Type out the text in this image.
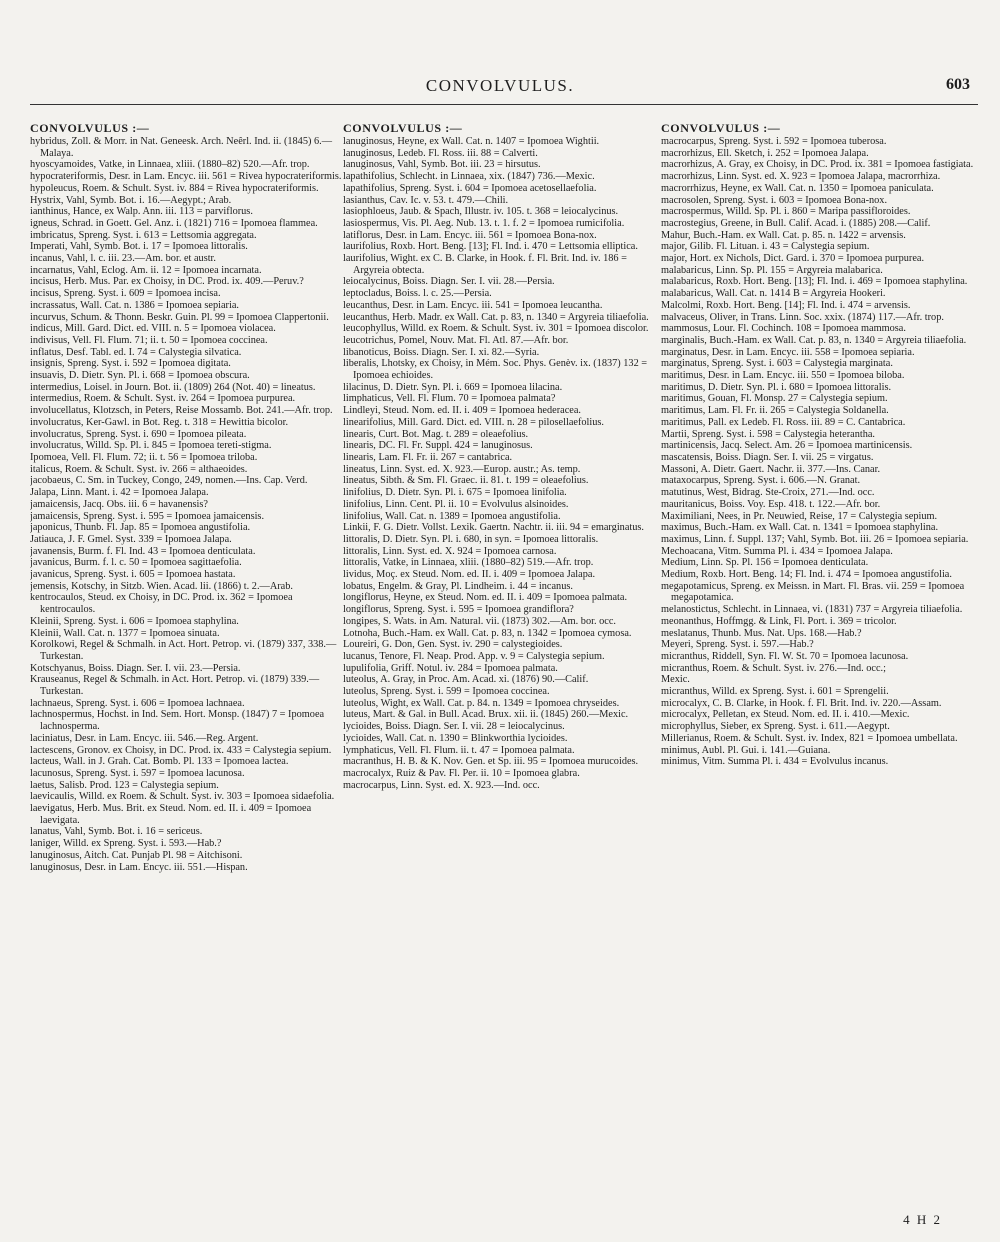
CONVOLVULUS.	603
CONVOLVULUS :—

hybridus, Zoll. & Morr. in Nat. Geneesk. Arch. Neêrl. Ind. ii. (1845) 6.—Malaya.

hyoscyamoides, Vatke, in Linnaea, xliii. (1880–82) 520.—Afr. trop.

hypocrateriformis, Desr. in Lam. Encyc. iii. 561 = Rivea hypocrateriformis.

hypoleucus, Roem. & Schult. Syst. iv. 884 = Rivea hypocrateriformis.

Hystrix, Vahl, Symb. Bot. i. 16.—Aegypt.; Arab.

ianthinus, Hance, ex Walp. Ann. iii. 113 = parviflorus.

igneus, Schrad. in Goett. Gel. Anz. i. (1821) 716 = Ipomoea flammea.

imbricatus, Spreng. Syst. i. 613 = Lettsomia aggregata.

Imperati, Vahl, Symb. Bot. i. 17 = Ipomoea littoralis.

incanus, Vahl, l. c. iii. 23.—Am. bor. et austr.

incarnatus, Vahl, Eclog. Am. ii. 12 = Ipomoea incarnata.

incisus, Herb. Mus. Par. ex Choisy, in DC. Prod. ix. 409.—Peruv.?

incisus, Spreng. Syst. i. 609 = Ipomoea incisa.

incrassatus, Wall. Cat. n. 1386 = Ipomoea sepiaria.

incurvus, Schum. & Thonn. Beskr. Guin. Pl. 99 = Ipomoea Clappertonii.

indicus, Mill. Gard. Dict. ed. VIII. n. 5 = Ipomoea violacea.

indivisus, Vell. Fl. Flum. 71; ii. t. 50 = Ipomoea coccinea.

inflatus, Desf. Tabl. ed. I. 74 = Calystegia silvatica.

insignis, Spreng. Syst. i. 592 = Ipomoea digitata.

insuavis, D. Dietr. Syn. Pl. i. 668 = Ipomoea obscura.

intermedius, Loisel. in Journ. Bot. ii. (1809) 264 (Not. 40) = lineatus.

intermedius, Roem. & Schult. Syst. iv. 264 = Ipomoea purpurea.

involucellatus, Klotzsch, in Peters, Reise Mossamb. Bot. 241.—Afr. trop.

involucratus, Ker-Gawl. in Bot. Reg. t. 318 = Hewittia bicolor.

involucratus, Spreng. Syst. i. 690 = Ipomoea pileata.

involucratus, Willd. Sp. Pl. i. 845 = Ipomoea tereti-stigma.

Ipomoea, Vell. Fl. Flum. 72; ii. t. 56 = Ipomoea triloba.

italicus, Roem. & Schult. Syst. iv. 266 = althaeoides.

jacobaeus, C. Sm. in Tuckey, Congo, 249, nomen.—Ins. Cap. Verd.

Jalapa, Linn. Mant. i. 42 = Ipomoea Jalapa.

jamaicensis, Jacq. Obs. iii. 6 = havanensis?

jamaicensis, Spreng. Syst. i. 595 = Ipomoea jamaicensis.

japonicus, Thunb. Fl. Jap. 85 = Ipomoea angustifolia.

Jatiauca, J. F. Gmel. Syst. 339 = Ipomoea Jalapa.

javanensis, Burm. f. Fl. Ind. 43 = Ipomoea denticulata.

javanicus, Burm. f. l. c. 50 = Ipomoea sagittaefolia.

javanicus, Spreng. Syst. i. 605 = Ipomoea hastata.

jemensis, Kotschy, in Sitzb. Wien. Acad. lii. (1866) t. 2.—Arab.

kentrocaulos, Steud. ex Choisy, in DC. Prod. ix. 362 = Ipomoea kentrocaulos.

Kleinii, Spreng. Syst. i. 606 = Ipomoea staphylina.

Kleinii, Wall. Cat. n. 1377 = Ipomoea sinuata.

Korolkowi, Regel & Schmalh. in Act. Hort. Petrop. vi. (1879) 337, 338.—Turkestan.

Kotschyanus, Boiss. Diagn. Ser. I. vii. 23.—Persia.

Krauseanus, Regel & Schmalh. in Act. Hort. Petrop. vi. (1879) 339.—Turkestan.

lachnaeus, Spreng. Syst. i. 606 = Ipomoea lachnaea.

lachnospermus, Hochst. in Ind. Sem. Hort. Monsp. (1847) 7 = Ipomoea lachnosperma.

laciniatus, Desr. in Lam. Encyc. iii. 546.—Reg. Argent.

lactescens, Gronov. ex Choisy, in DC. Prod. ix. 433 = Calystegia sepium.

lacteus, Wall. in J. Grah. Cat. Bomb. Pl. 133 = Ipomoea lactea.

lacunosus, Spreng. Syst. i. 597 = Ipomoea lacunosa.

laetus, Salisb. Prod. 123 = Calystegia sepium.

laevicaulis, Willd. ex Roem. & Schult. Syst. iv. 303 = Ipomoea sidaefolia.

laevigatus, Herb. Mus. Brit. ex Steud. Nom. ed. II. i. 409 = Ipomoea laevigata.

lanatus, Vahl, Symb. Bot. i. 16 = sericeus.

laniger, Willd. ex Spreng. Syst. i. 593.—Hab.?

lanuginosus, Aitch. Cat. Punjab Pl. 98 = Aitchisoni.

lanuginosus, Desr. in Lam. Encyc. iii. 551.—Hispan.

CONVOLVULUS :—

lanuginosus, Heyne, ex Wall. Cat. n. 1407 = Ipomoea Wightii.

lanuginosus, Ledeb. Fl. Ross. iii. 88 = Calverti.

lanuginosus, Vahl, Symb. Bot. iii. 23 = hirsutus.

lapathifolius, Schlecht. in Linnaea, xix. (1847) 736.—Mexic.

lapathifolius, Spreng. Syst. i. 604 = Ipomoea acetosellaefolia.

lasianthus, Cav. Ic. v. 53. t. 479.—Chili.

lasiophloeus, Jaub. & Spach, Illustr. iv. 105. t. 368 = leiocalycinus.

lasiospermus, Vis. Pl. Aeg. Nub. 13. t. 1. f. 2 = Ipomoea rumicifolia.

latiflorus, Desr. in Lam. Encyc. iii. 561 = Ipomoea Bona-nox.

laurifolius, Roxb. Hort. Beng. [13]; Fl. Ind. i. 470 = Lettsomia elliptica.

laurifolius, Wight. ex C. B. Clarke, in Hook. f. Fl. Brit. Ind. iv. 186 = Argyreia obtecta.

leiocalycinus, Boiss. Diagn. Ser. I. vii. 28.—Persia.

leptocladus, Boiss. l. c. 25.—Persia.

leucanthus, Desr. in Lam. Encyc. iii. 541 = Ipomoea leucantha.

leucanthus, Herb. Madr. ex Wall. Cat. p. 83, n. 1340 = Argyreia tiliaefolia.

leucophyllus, Willd. ex Roem. & Schult. Syst. iv. 301 = Ipomoea discolor.

leucotrichus, Pomel, Nouv. Mat. Fl. Atl. 87.—Afr. bor.

libanoticus, Boiss. Diagn. Ser. I. xi. 82.—Syria.

liberalis, Lhotsky, ex Choisy, in Mém. Soc. Phys. Genèv. ix. (1837) 132 = Ipomoea echioides.

lilacinus, D. Dietr. Syn. Pl. i. 669 = Ipomoea lilacina.

limphaticus, Vell. Fl. Flum. 70 = Ipomoea palmata?

Lindleyi, Steud. Nom. ed. II. i. 409 = Ipomoea hederacea.

linearifolius, Mill. Gard. Dict. ed. VIII. n. 28 = pilosellaefolius.

linearis, Curt. Bot. Mag. t. 289 = oleaefolius.

linearis, DC. Fl. Fr. Suppl. 424 = lanuginosus.

linearis, Lam. Fl. Fr. ii. 267 = cantabrica.

lineatus, Linn. Syst. ed. X. 923.—Europ. austr.; As. temp.

lineatus, Sibth. & Sm. Fl. Graec. ii. 81. t. 199 = oleaefolius.

linifolius, D. Dietr. Syn. Pl. i. 675 = Ipomoea linifolia.

linifolius, Linn. Cent. Pl. ii. 10 = Evolvulus alsinoides.

linifolius, Wall. Cat. n. 1389 = Ipomoea angustifolia.

Linkii, F. G. Dietr. Vollst. Lexik. Gaertn. Nachtr. ii. iii. 94 = emarginatus.

littoralis, D. Dietr. Syn. Pl. i. 680, in syn. = Ipomoea littoralis.

littoralis, Linn. Syst. ed. X. 924 = Ipomoea carnosa.

littoralis, Vatke, in Linnaea, xliii. (1880–82) 519.—Afr. trop.

lividus, Moç. ex Steud. Nom. ed. II. i. 409 = Ipomoea Jalapa.

lobatus, Engelm. & Gray, Pl. Lindheim. i. 44 = incanus.

longiflorus, Heyne, ex Steud. Nom. ed. II. i. 409 = Ipomoea palmata.

longiflorus, Spreng. Syst. i. 595 = Ipomoea grandiflora?

longipes, S. Wats. in Am. Natural. vii. (1873) 302.—Am. bor. occ.

Lotnoha, Buch.-Ham. ex Wall. Cat. p. 83, n. 1342 = Ipomoea cymosa.

Loureiri, G. Don, Gen. Syst. iv. 290 = calystegioides.

lucanus, Tenore, Fl. Neap. Prod. App. v. 9 = Calystegia sepium.

lupulifolia, Griff. Notul. iv. 284 = Ipomoea palmata.

luteolus, A. Gray, in Proc. Am. Acad. xi. (1876) 90.—Calif.

luteolus, Spreng. Syst. i. 599 = Ipomoea coccinea.

luteolus, Wight, ex Wall. Cat. p. 84. n. 1349 = Ipomoea chryseides.

luteus, Mart. & Gal. in Bull. Acad. Brux. xii. ii. (1845) 260.—Mexic.

lycioides, Boiss. Diagn. Ser. I. vii. 28 = leiocalycinus.

lycioides, Wall. Cat. n. 1390 = Blinkworthia lycioides.

lymphaticus, Vell. Fl. Flum. ii. t. 47 = Ipomoea palmata.

macranthus, H. B. & K. Nov. Gen. et Sp. iii. 95 = Ipomoea murucoides.

macrocalyx, Ruiz & Pav. Fl. Per. ii. 10 = Ipomoea glabra.

macrocarpus, Linn. Syst. ed. X. 923.—Ind. occ.

CONVOLVULUS :—

macrocarpus, Spreng. Syst. i. 592 = Ipomoea tuberosa.

macrorhizus, Ell. Sketch, i. 252 = Ipomoea Jalapa.

macrorhizus, A. Gray, ex Choisy, in DC. Prod. ix. 381 = Ipomoea fastigiata.

macrorhizus, Linn. Syst. ed. X. 923 = Ipomoea Jalapa, macrorrhiza.

macrorrhizus, Heyne, ex Wall. Cat. n. 1350 = Ipomoea paniculata.

macrosolen, Spreng. Syst. i. 603 = Ipomoea Bona-nox.

macrospermus, Willd. Sp. Pl. i. 860 = Maripa passifloroides.

macrostegius, Greene, in Bull. Calif. Acad. i. (1885) 208.—Calif.

Mahur, Buch.-Ham. ex Wall. Cat. p. 85. n. 1422 = arvensis.

major, Gilib. Fl. Lituan. i. 43 = Calystegia sepium.

major, Hort. ex Nichols, Dict. Gard. i. 370 = Ipomoea purpurea.

malabaricus, Linn. Sp. Pl. 155 = Argyreia malabarica.

malabaricus, Roxb. Hort. Beng. [13]; Fl. Ind. i. 469 = Ipomoea staphylina.

malabaricus, Wall. Cat. n. 1414 B = Argyreia Hookeri.

Malcolmi, Roxb. Hort. Beng. [14]; Fl. Ind. i. 474 = arvensis.

malvaceus, Oliver, in Trans. Linn. Soc. xxix. (1874) 117.—Afr. trop.

mammosus, Lour. Fl. Cochinch. 108 = Ipomoea mammosa.

marginalis, Buch.-Ham. ex Wall. Cat. p. 83, n. 1340 = Argyreia tiliaefolia.

marginatus, Desr. in Lam. Encyc. iii. 558 = Ipomoea sepiaria.

marginatus, Spreng. Syst. i. 603 = Calystegia marginata.

maritimus, Desr. in Lam. Encyc. iii. 550 = Ipomoea biloba.

maritimus, D. Dietr. Syn. Pl. i. 680 = Ipomoea littoralis.

maritimus, Gouan, Fl. Monsp. 27 = Calystegia sepium.

maritimus, Lam. Fl. Fr. ii. 265 = Calystegia Soldanella.

maritimus, Pall. ex Ledeb. Fl. Ross. iii. 89 = C. Cantabrica.

Martii, Spreng. Syst. i. 598 = Calystegia heterantha.

martinicensis, Jacq. Select. Am. 26 = Ipomoea martinicensis.

mascatensis, Boiss. Diagn. Ser. I. vii. 25 = virgatus.

Massoni, A. Dietr. Gaert. Nachr. ii. 377.—Ins. Canar.

mataxocarpus, Spreng. Syst. i. 606.—N. Granat.

matutinus, West, Bidrag. Ste-Croix, 271.—Ind. occ.

mauritanicus, Boiss. Voy. Esp. 418. t. 122.—Afr. bor.

Maximiliani, Nees, in Pr. Neuwied, Reise, 17 = Calystegia sepium.

maximus, Buch.-Ham. ex Wall. Cat. n. 1341 = Ipomoea staphylina.

maximus, Linn. f. Suppl. 137; Vahl, Symb. Bot. iii. 26 = Ipomoea sepiaria.

Mechoacana, Vitm. Summa Pl. i. 434 = Ipomoea Jalapa.

Medium, Linn. Sp. Pl. 156 = Ipomoea denticulata.

Medium, Roxb. Hort. Beng. 14; Fl. Ind. i. 474 = Ipomoea angustifolia.

megapotamicus, Spreng. ex Meissn. in Mart. Fl. Bras. vii. 259 = Ipomoea megapotamica.

melanostictus, Schlecht. in Linnaea, vi. (1831) 737 = Argyreia tiliaefolia.

meonanthus, Hoffmgg. & Link, Fl. Port. i. 369 = tricolor.

meslatanus, Thunb. Mus. Nat. Ups. 168.—Hab.?

Meyeri, Spreng. Syst. i. 597.—Hab.?

micranthus, Riddell, Syn. Fl. W. St. 70 = Ipomoea lacunosa.

micranthus, Roem. & Schult. Syst. iv. 276.—Ind. occ.;

Mexic.

micranthus, Willd. ex Spreng. Syst. i. 601 = Sprengelii.

microcalyx, C. B. Clarke, in Hook. f. Fl. Brit. Ind. iv. 220.—Assam.

microcalyx, Pelletan, ex Steud. Nom. ed. II. i. 410.—Mexic.

microphyllus, Sieber, ex Spreng. Syst. i. 611.—Aegypt.

Millerianus, Roem. & Schult. Syst. iv. Index, 821 = Ipomoea umbellata.

minimus, Aubl. Pl. Gui. i. 141.—Guiana.

minimus, Vitm. Summa Pl. i. 434 = Evolvulus incanus.

4 H 2
